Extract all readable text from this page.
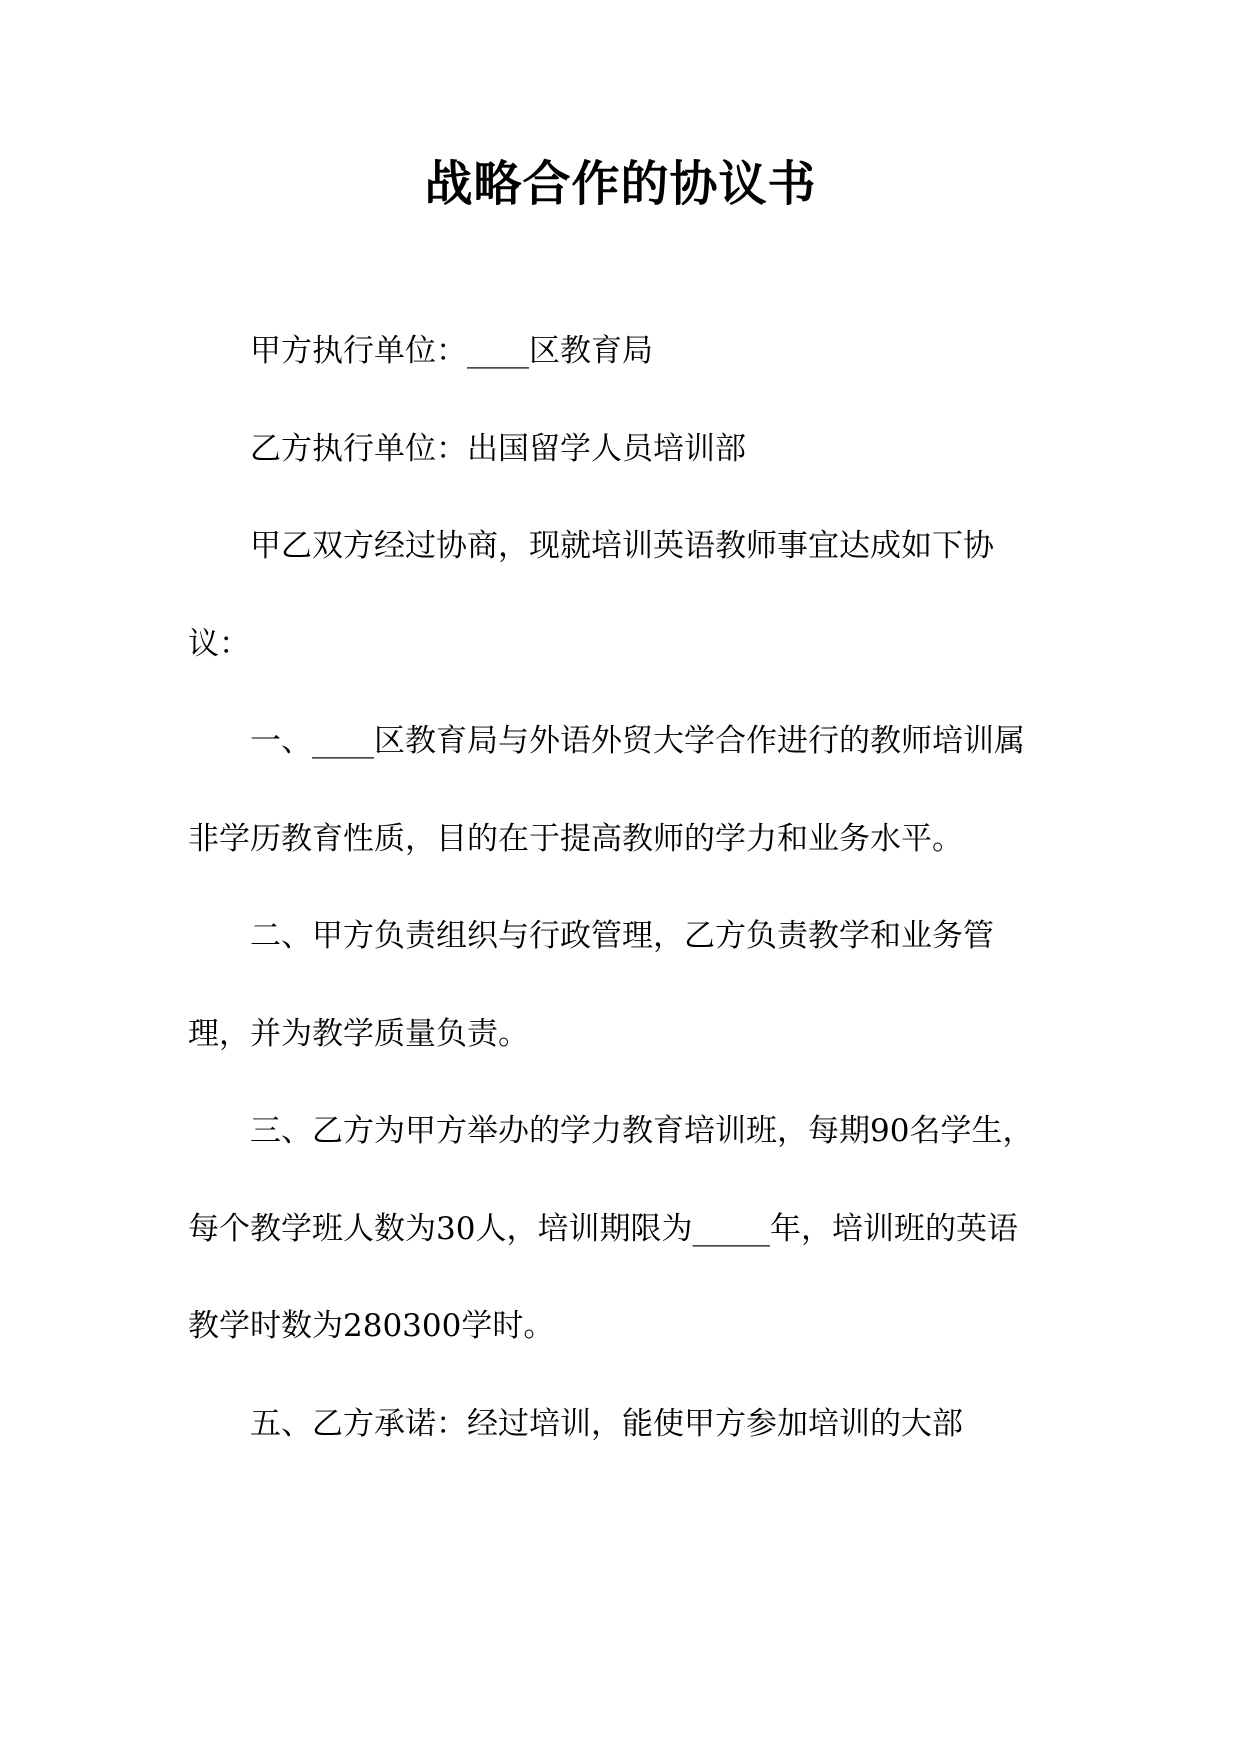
战略合作的协议书

甲方执行单位：____区教育局

乙方执行单位：出国留学人员培训部

甲乙双方经过协商，现就培训英语教师事宜达成如下协议：

一、____区教育局与外语外贸大学合作进行的教师培训属非学历教育性质，目的在于提高教师的学力和业务水平。

二、甲方负责组织与行政管理，乙方负责教学和业务管理，并为教学质量负责。

三、乙方为甲方举办的学力教育培训班，每期90名学生，每个教学班人数为30人，培训期限为_____年，培训班的英语教学时数为280300学时。

五、乙方承诺：经过培训，能使甲方参加培训的大部
